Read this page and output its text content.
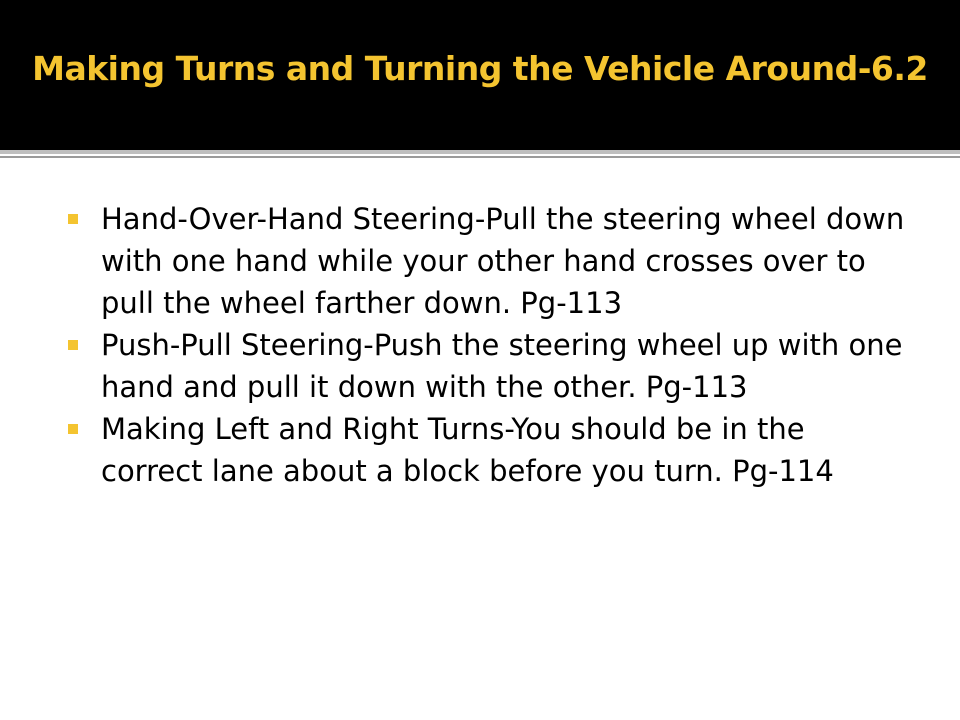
Making Turns and Turning the Vehicle Around-6.2
Hand-Over-Hand Steering-Pull the steering wheel down with one hand while your other hand crosses over to pull the wheel farther down. Pg-113
Push-Pull Steering-Push the steering wheel up with one hand and pull it down with the other. Pg-113
Making Left and Right Turns-You should be in the correct lane about a block before you turn. Pg-114
